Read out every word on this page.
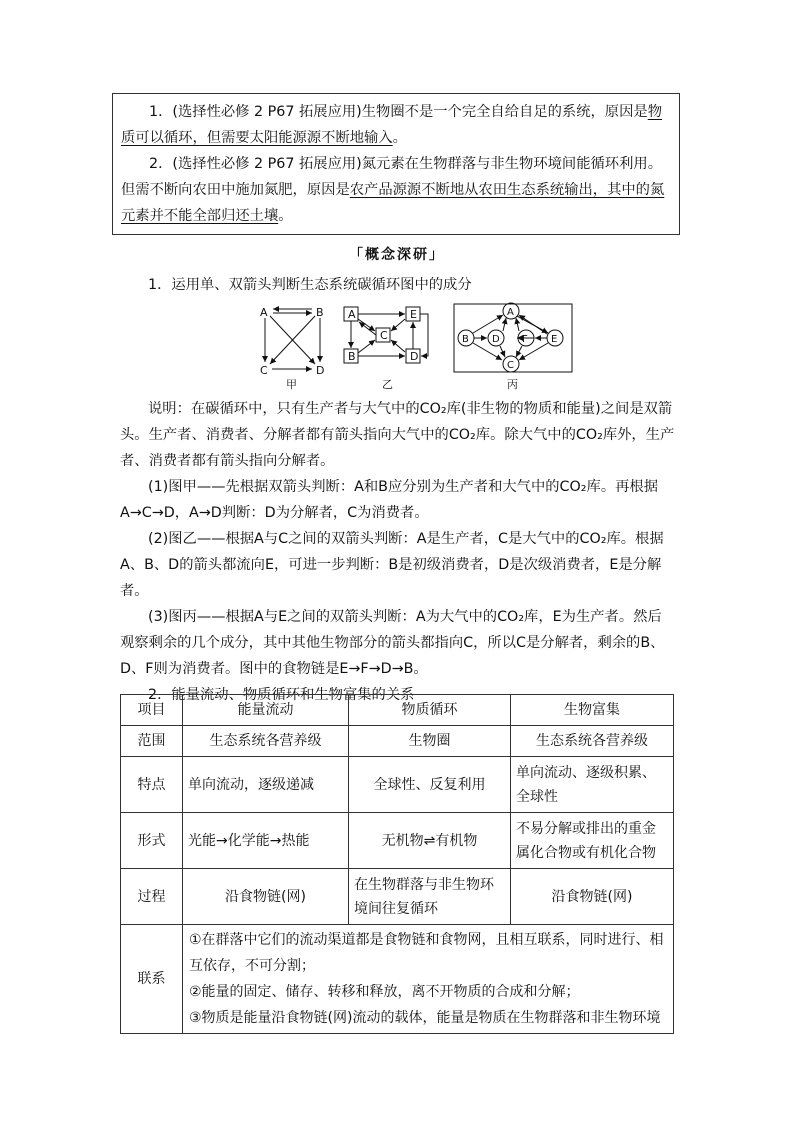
1．(选择性必修 2 P67 拓展应用)生物圈不是一个完全自给自足的系统，原因是物质可以循环，但需要太阳能源源不断地输入。

2．(选择性必修 2 P67 拓展应用)氮元素在生物群落与非生物环境间能循环利用。但需不断向农田中施加氮肥，原因是农产品源源不断地从农田生态系统输出，其中的氮元素并不能全部归还土壤。

「概念深研」

1．运用单、双箭头判断生态系统碳循环图中的成分

A	B
C	D
甲
A	E
C
B	D
乙
A
B D F E
C
丙

说明：在碳循环中，只有生产者与大气中的CO₂库(非生物的物质和能量)之间是双箭头。生产者、消费者、分解者都有箭头指向大气中的CO₂库。除大气中的CO₂库外，生产者、消费者都有箭头指向分解者。

(1)图甲——先根据双箭头判断：A和B应分别为生产者和大气中的CO₂库。再根据A→C→D，A→D判断：D为分解者，C为消费者。

(2)图乙——根据A与C之间的双箭头判断：A是生产者，C是大气中的CO₂库。根据A、B、D的箭头都流向E，可进一步判断：B是初级消费者，D是次级消费者，E是分解者。

(3)图丙——根据A与E之间的双箭头判断：A为大气中的CO₂库，E为生产者。然后观察剩余的几个成分，其中其他生物部分的箭头都指向C，所以C是分解者，剩余的B、D、F则为消费者。图中的食物链是E→F→D→B。

2．能量流动、物质循环和生物富集的关系

项目	能量流动	物质循环	生物富集
范围	生态系统各营养级	生物圈	生态系统各营养级
特点	单向流动，逐级递减	全球性、反复利用	单向流动、逐级积累、全球性
形式	光能→化学能→热能	无机物⇌有机物	不易分解或排出的重金属化合物或有机化合物
过程	沿食物链(网)	在生物群落与非生物环境间往复循环	沿食物链(网)
联系	①在群落中它们的流动渠道都是食物链和食物网，且相互联系，同时进行、相互依存，不可分割；
②能量的固定、储存、转移和释放，离不开物质的合成和分解；
③物质是能量沿食物链(网)流动的载体，能量是物质在生物群落和非生物环境		
